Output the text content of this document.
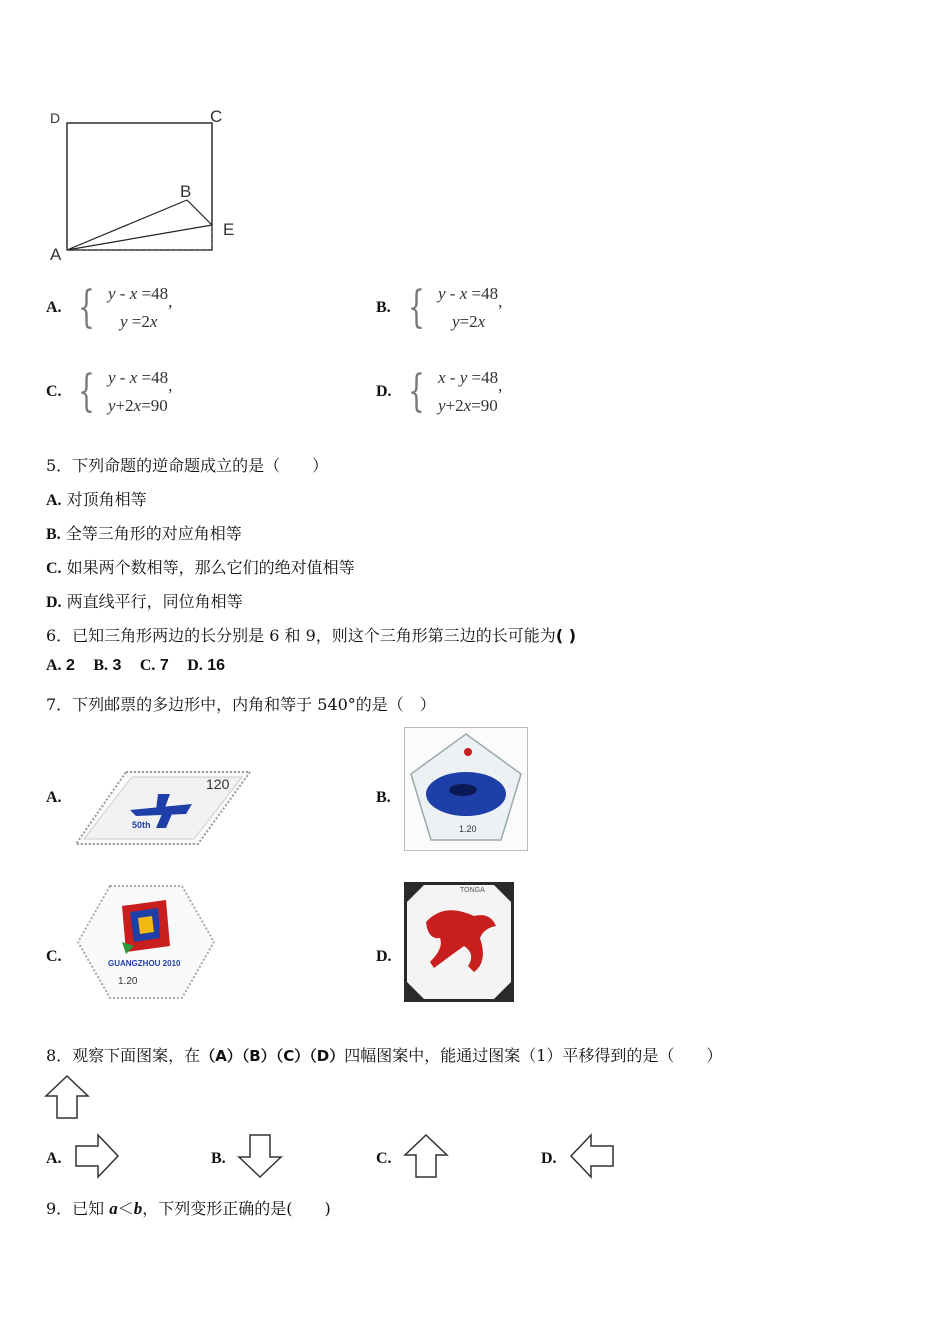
D	C
B
E
A
A. { y - x =48
y =2x
,	B. { y - x =48
y=2x
,
C. { y - x =48
y+2x=90
,	D. { x - y =48
y+2x=90
,
5．下列命题的逆命题成立的是（　　）
A. 对顶角相等
B. 全等三角形的对应角相等
C. 如果两个数相等，那么它们的绝对值相等
D. 两直线平行，同位角相等
6．已知三角形两边的长分别是 6 和 9，则这个三角形第三边的长可能为( )
A. 2 B. 3 C. 7 D. 16
7．下列邮票的多边形中，内角和等于 540°的是（　）
A.
120
50th
B.
1.20
C.	GUANGZHOU 2010
1.20
D.
TONGA
8．观察下面图案，在（A）（B）（C）（D）四幅图案中，能通过图案（1）平移得到的是（　　）
A.	B.	C.	D.
9．已知 a＜b，下列变形正确的是(　　)
